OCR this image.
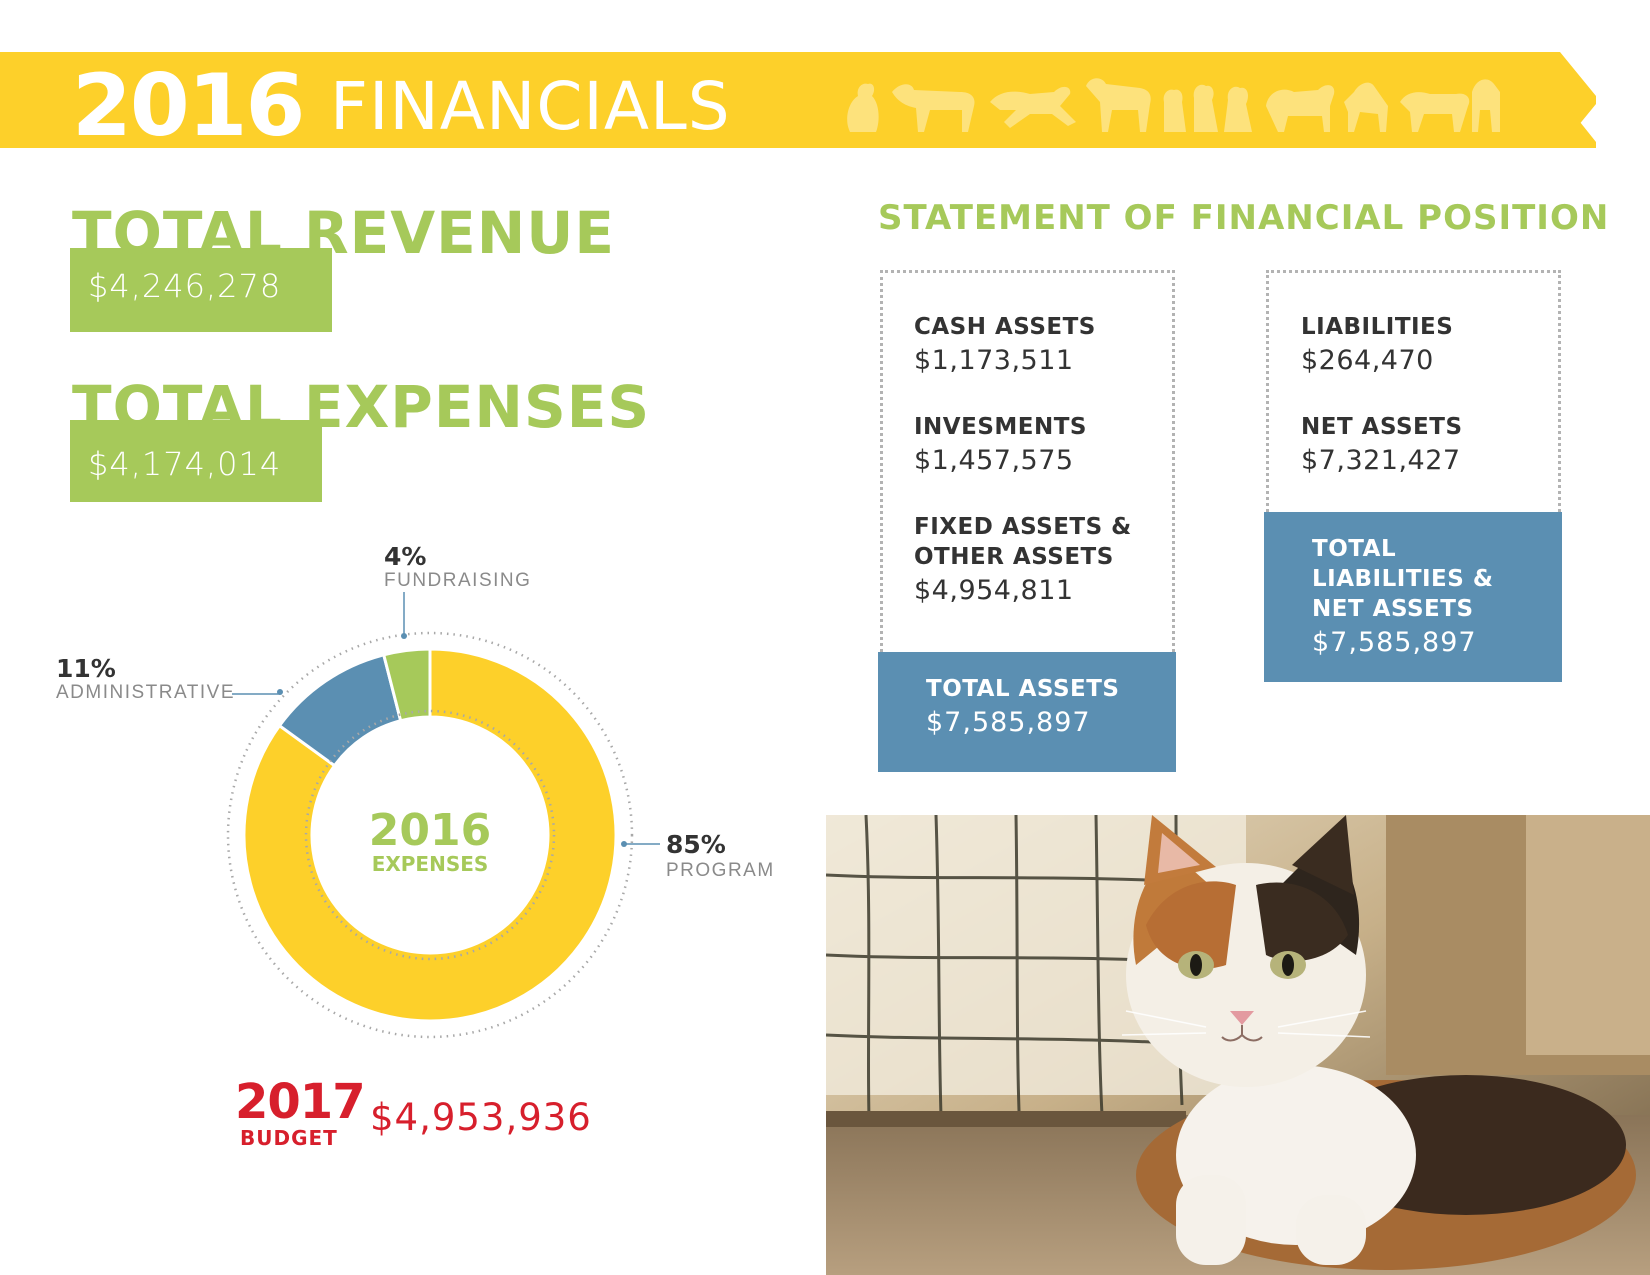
2016 FINANCIALS
TOTAL REVENUE
$4,246,278
TOTAL EXPENSES
$4,174,014
2016
EXPENSES
4%
FUNDRAISING
11%
ADMINISTRATIVE
85%
PROGRAM
2017
BUDGET $4,953,936
STATEMENT OF FINANCIAL POSITION
CASH ASSETS
$1,173,511
INVESMENTS
$1,457,575
FIXED ASSETS &
OTHER ASSETS
$4,954,811
TOTAL ASSETS
$7,585,897
LIABILITIES
$264,470
NET ASSETS
$7,321,427
TOTAL
LIABILITIES &
NET ASSETS
$7,585,897
